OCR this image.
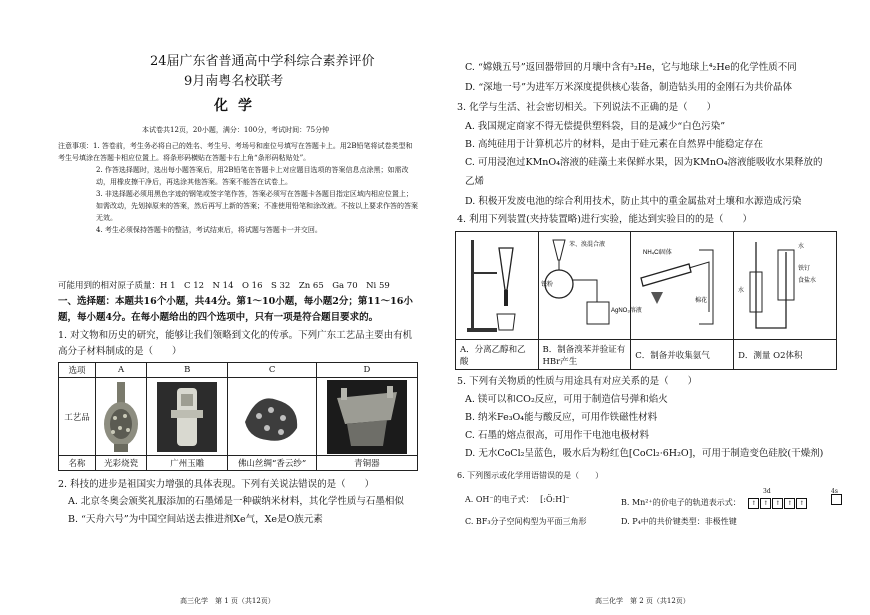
24届广东省普通高中学科综合素养评价
9月南粤名校联考
化学
本试卷共12页，20小题，满分：100分，考试时间：75分钟
注意事项：1. 答卷前，考生务必将自己的姓名、考生号、考场号和座位号填写在答题卡上。用2B铅笔将试卷类型和考生号填涂在答题卡相应位置上。将条形码横贴在答题卡右上角“条形码粘贴处”。
2. 作答选择题时，选出每小题答案后，用2B铅笔在答题卡上对应题目选项的答案信息点涂黑；如需改动，用橡皮擦干净后，再选涂其他答案。答案不能答在试卷上。
3. 非选择题必须用黑色字迹的钢笔或签字笔作答，答案必须写在答题卡各题目指定区域内相应位置上；如需改动，先划掉原来的答案，然后再写上新的答案；不准使用铅笔和涂改液。不按以上要求作答的答案无效。
4. 考生必须保持答题卡的整洁，考试结束后，将试题与答题卡一并交回。
可能用到的相对原子质量：H 1　C 12　N 14　O 16　S 32　Zn 65　Ga 70　Ni 59
一、选择题：本题共16个小题，共44分。第1～10小题，每小题2分；第11～16小
题，每小题4分。在每小题给出的四个选项中，只有一项是符合题目要求的。
1. 对文物和历史的研究，能够让我们领略到文化的传承。下列广东工艺品主要由有机
高分子材料制成的是（　　）
选项	A	B	C	D
工艺品	

名称	光彩烧瓷	广州玉雕	佛山丝绸“香云纱”	青铜器
2. 科技的进步是祖国实力增强的具体表现。下列有关说法错误的是（　　）
A. 北京冬奥会颁奖礼服添加的石墨烯是一种碳纳米材料，其化学性质与石墨相似
B. “天舟六号”为中国空间站送去推进剂Xe气，Xe是O族元素
高三化学　第 1 页（共12页）
C. “嫦娥五号”返回器带回的月壤中含有³₂He，它与地球上⁴₂He的化学性质不同
D. “深地一号”为进军万米深度提供核心装备，制造钻头用的金刚石为共价晶体
3. 化学与生活、社会密切相关。下列说法不正确的是（　　）
A. 我国规定商家不得无偿提供塑料袋，目的是减少“白色污染”
B. 高纯硅用于计算机芯片的材料，是由于硅元素在自然界中能稳定存在
C. 可用浸泡过KMnO₄溶液的硅藻土来保鲜水果，因为KMnO₄溶液能吸收水果释放的
乙烯
D. 积极开发废电池的综合利用技术，防止其中的重金属盐对土壤和水源造成污染
4. 利用下列装置(夹持装置略)进行实验，能达到实验目的的是（　　）

苯、溴混合液
铁粉
AgNO₃溶液	NH₄Cl固体
棉花	水
铁钉
食盐水
水

A．分离乙醇和乙酸	B．制备溴苯并验证有HBr产生	C．制备并收集氨气	D．测量 O2体积
5. 下列有关物质的性质与用途具有对应关系的是（　　）
A. 镁可以和CO₂反应，可用于制造信号弹和焰火
B. 纳米Fe₃O₄能与酸反应，可用作铁磁性材料
C. 石墨的熔点很高，可用作干电池电极材料
D. 无水CoCl₂呈蓝色，吸水后为粉红色[CoCl₂·6H₂O]，可用于制造变色硅胶(干燥剂)
6. 下列图示或化学用语错误的是（　　）
A. OH⁻的电子式： [:Ö:H]⁻	B. Mn²⁺的价电子的轨道表示式： ↑ ↑ ↑ ↑ ↑
3d	4s
C. BF₃分子空间构型为平面三角形	D. P₄中的共价键类型：非极性键
高三化学　第 2 页（共12页）
